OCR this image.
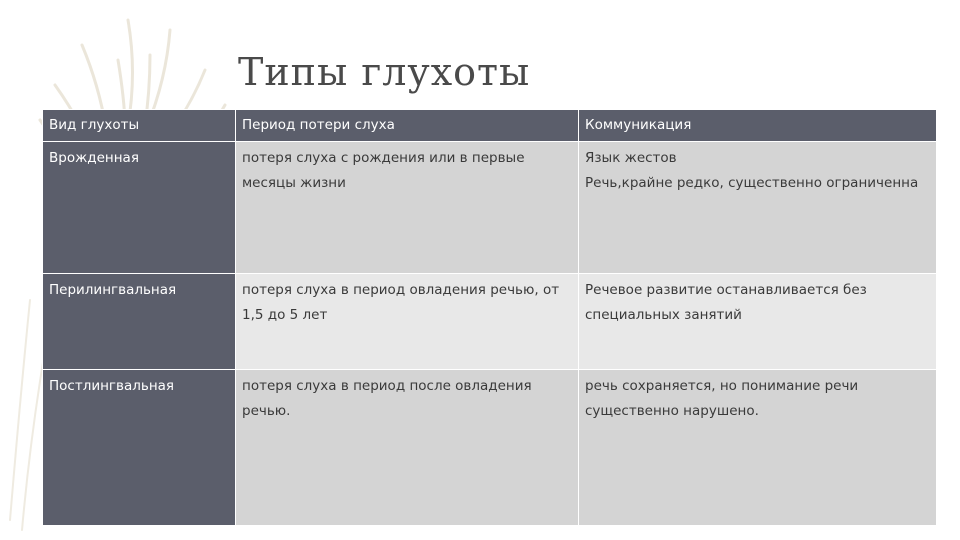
Типы глухоты
Вид глухоты	Период потери слуха	Коммуникация
Врожденная	потеря слуха с рождения или в первые месяцы жизни	Язык жестов
Речь,крайне редко, существенно ограниченна

Перилингвальная	потеря слуха в период овладения речью, от 1,5 до 5 лет	Речевое развитие останавливается без специальных занятий

Постлингвальная	потеря слуха в период после овладения речью.	речь сохраняется, но понимание речи существенно нарушено.
